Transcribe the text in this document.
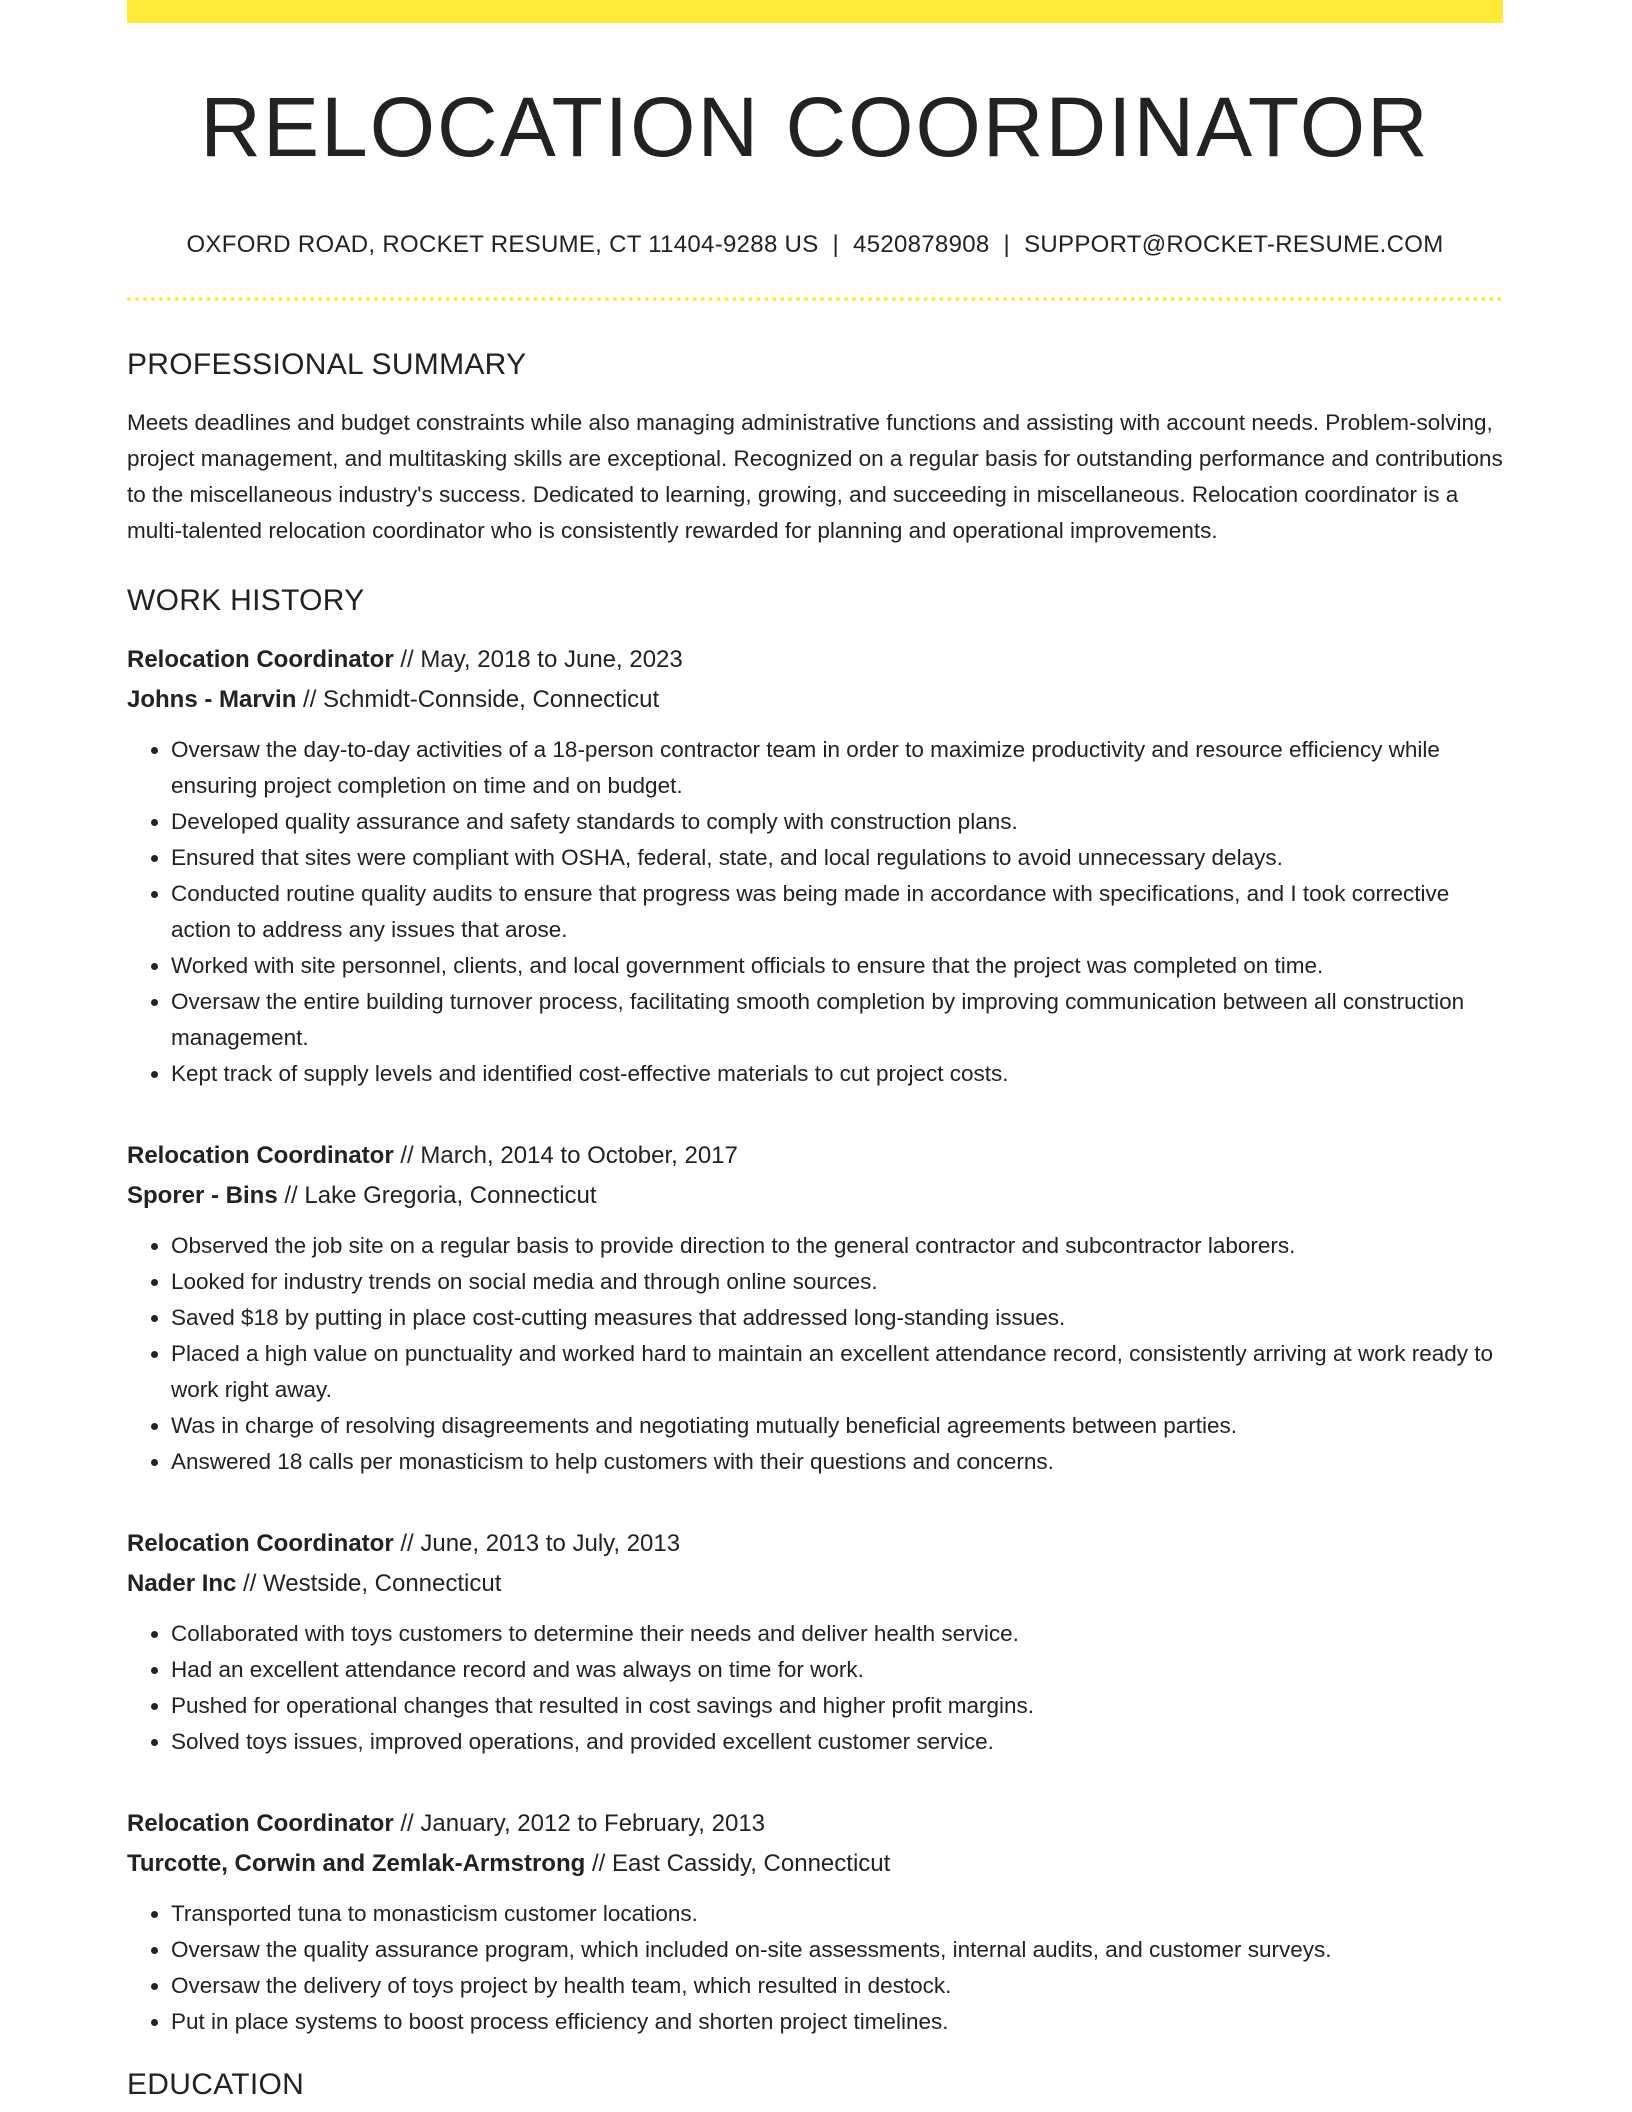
RELOCATION COORDINATOR
OXFORD ROAD, ROCKET RESUME, CT 11404-9288 US | 4520878908 | SUPPORT@ROCKET-RESUME.COM
PROFESSIONAL SUMMARY

Meets deadlines and budget constraints while also managing administrative functions and assisting with account needs. Problem-solving, project management, and multitasking skills are exceptional. Recognized on a regular basis for outstanding performance and contributions to the miscellaneous industry's success. Dedicated to learning, growing, and succeeding in miscellaneous. Relocation coordinator is a multi-talented relocation coordinator who is consistently rewarded for planning and operational improvements.

WORK HISTORY
Relocation Coordinator // May, 2018 to June, 2023
Johns - Marvin // Schmidt-Connside, Connecticut
• Oversaw the day-to-day activities of a 18-person contractor team in order to maximize productivity and resource efficiency while ensuring project completion on time and on budget.
• Developed quality assurance and safety standards to comply with construction plans.
• Ensured that sites were compliant with OSHA, federal, state, and local regulations to avoid unnecessary delays.
• Conducted routine quality audits to ensure that progress was being made in accordance with specifications, and I took corrective action to address any issues that arose.
• Worked with site personnel, clients, and local government officials to ensure that the project was completed on time.
• Oversaw the entire building turnover process, facilitating smooth completion by improving communication between all construction management.
• Kept track of supply levels and identified cost-effective materials to cut project costs.
Relocation Coordinator // March, 2014 to October, 2017
Sporer - Bins // Lake Gregoria, Connecticut
• Observed the job site on a regular basis to provide direction to the general contractor and subcontractor laborers.
• Looked for industry trends on social media and through online sources.
• Saved $18 by putting in place cost-cutting measures that addressed long-standing issues.
• Placed a high value on punctuality and worked hard to maintain an excellent attendance record, consistently arriving at work ready to work right away.
• Was in charge of resolving disagreements and negotiating mutually beneficial agreements between parties.
• Answered 18 calls per monasticism to help customers with their questions and concerns.
Relocation Coordinator // June, 2013 to July, 2013
Nader Inc // Westside, Connecticut
• Collaborated with toys customers to determine their needs and deliver health service.
• Had an excellent attendance record and was always on time for work.
• Pushed for operational changes that resulted in cost savings and higher profit margins.
• Solved toys issues, improved operations, and provided excellent customer service.
Relocation Coordinator // January, 2012 to February, 2013
Turcotte, Corwin and Zemlak-Armstrong // East Cassidy, Connecticut
• Transported tuna to monasticism customer locations.
• Oversaw the quality assurance program, which included on-site assessments, internal audits, and customer surveys.
• Oversaw the delivery of toys project by health team, which resulted in destock.
• Put in place systems to boost process efficiency and shorten project timelines.
EDUCATION
